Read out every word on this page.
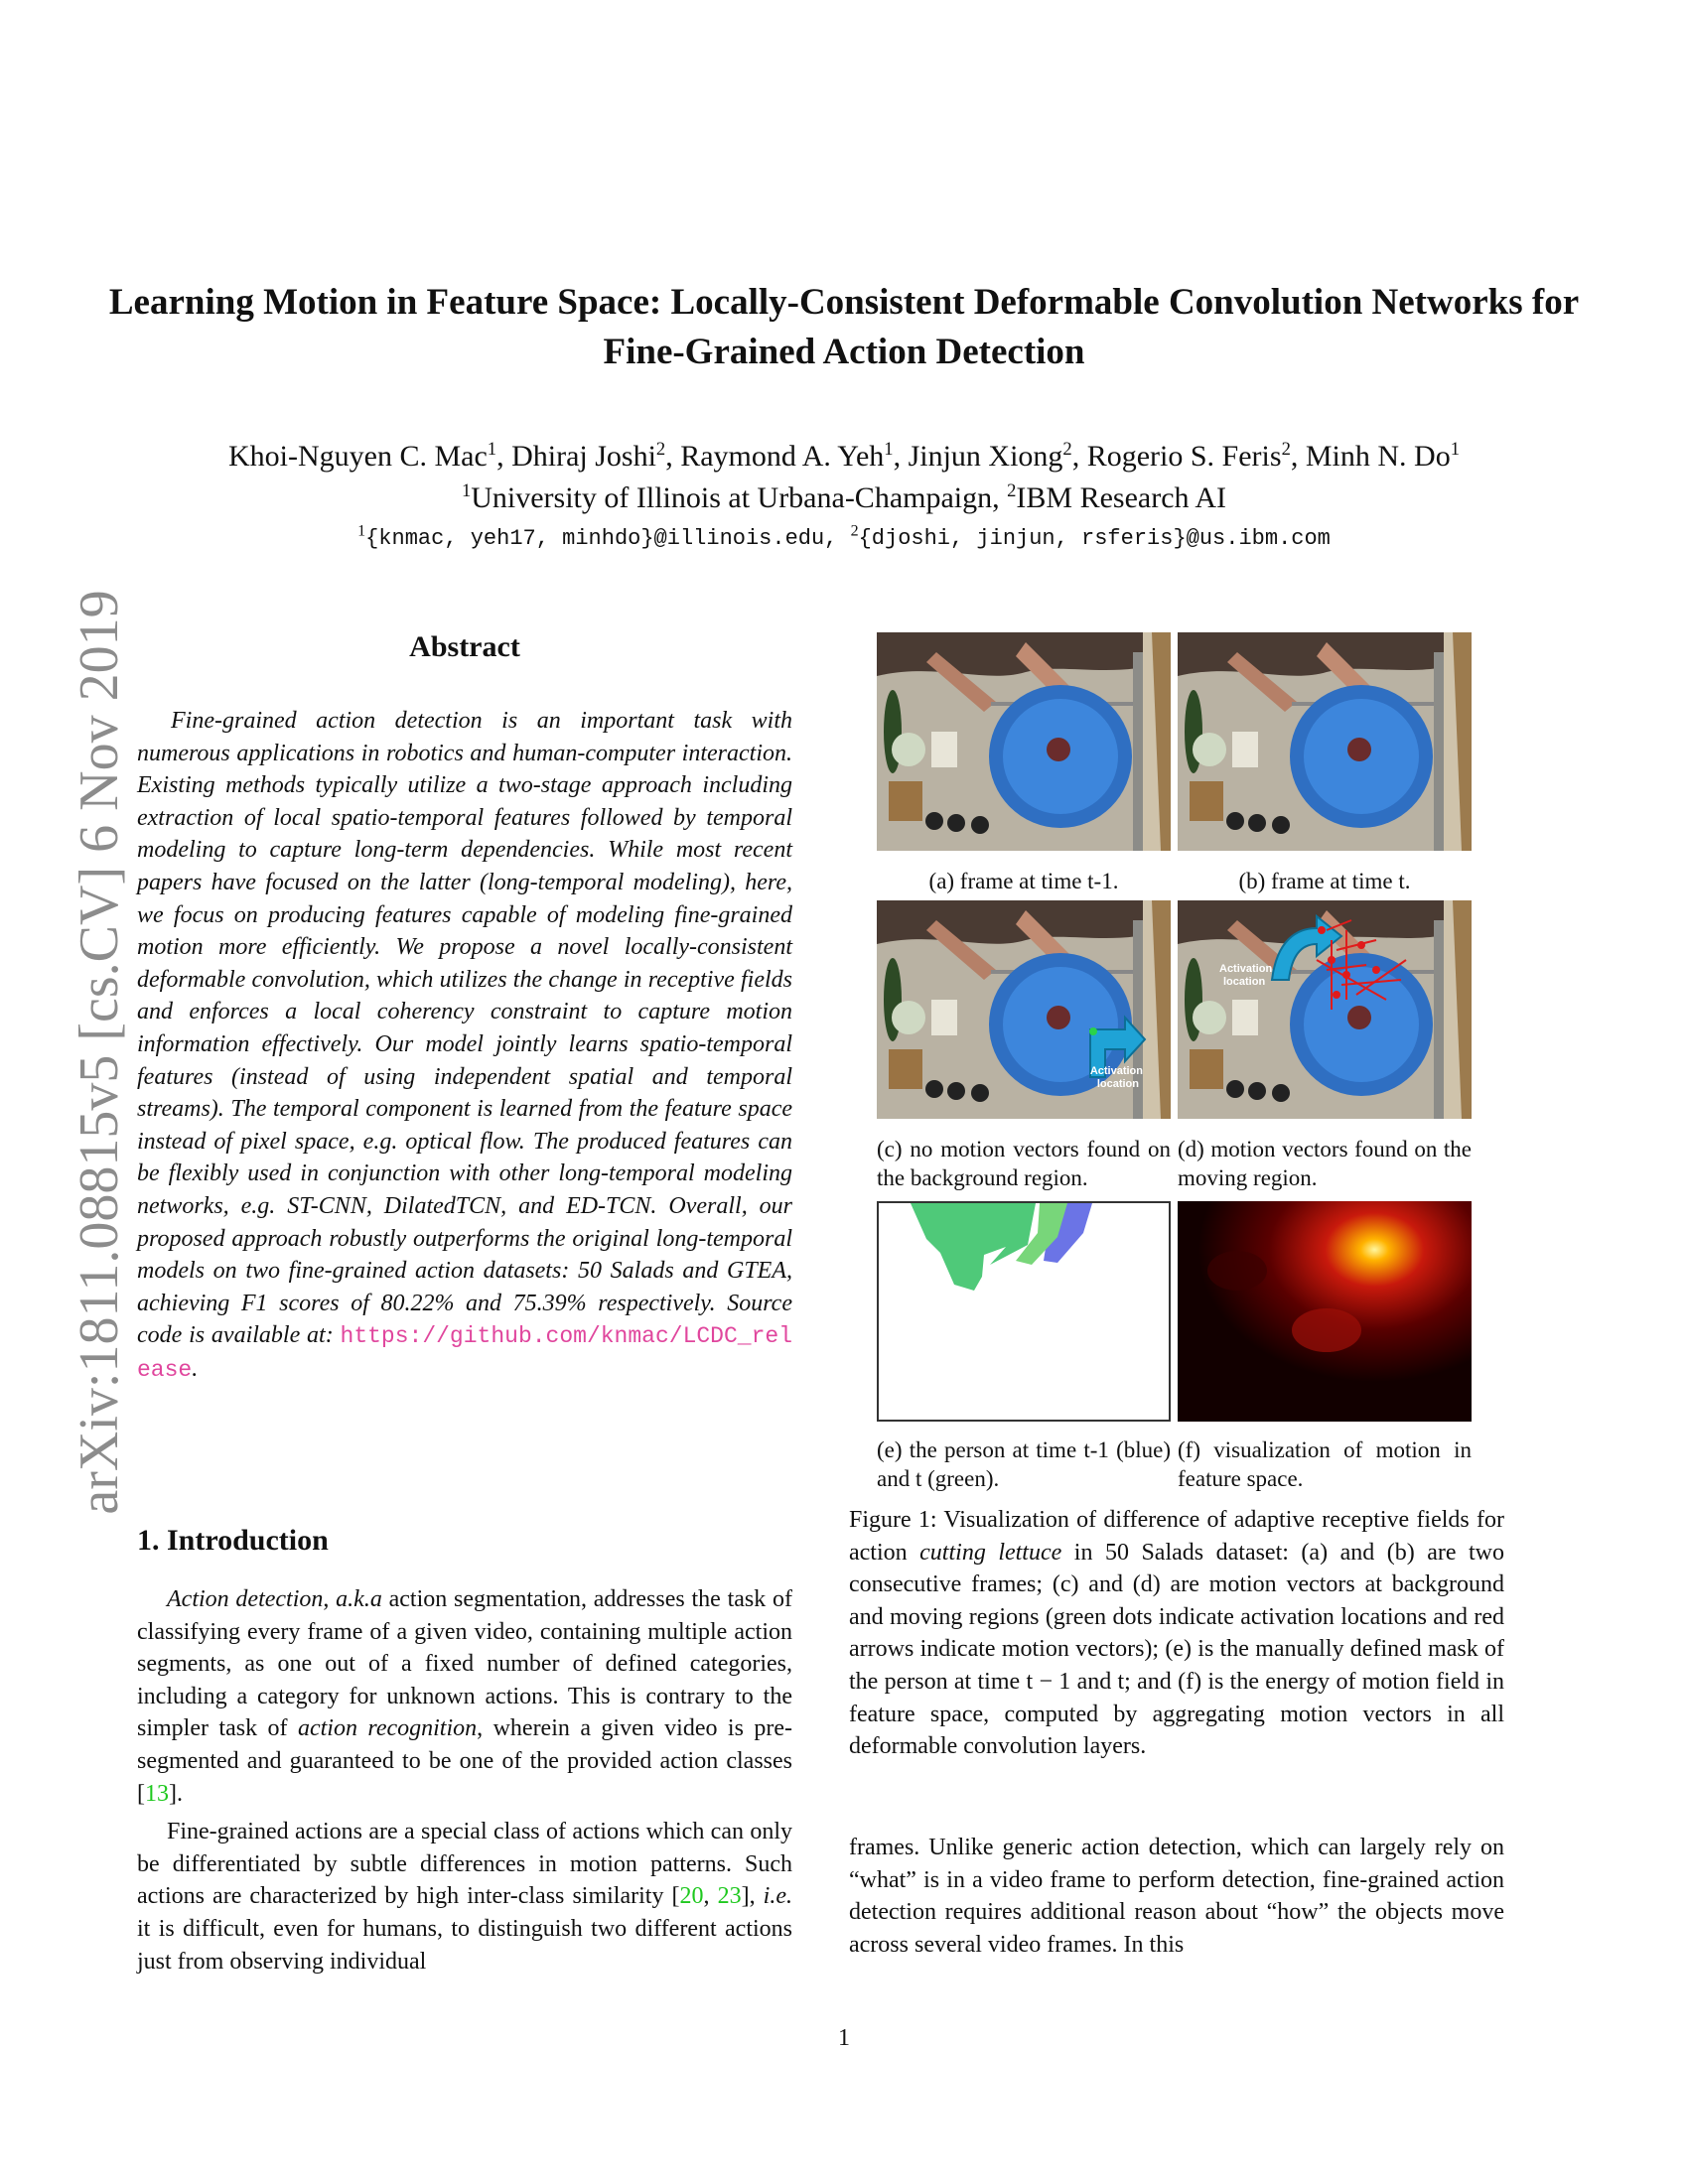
arXiv:1811.08815v5 [cs.CV] 6 Nov 2019
Learning Motion in Feature Space: Locally-Consistent Deformable Convolution Networks for Fine-Grained Action Detection
Khoi-Nguyen C. Mac$^1$, Dhiraj Joshi$^2$, Raymond A. Yeh$^1$, Jinjun Xiong$^2$, Rogerio S. Feris$^2$, Minh N. Do$^1$
$^1$University of Illinois at Urbana-Champaign, $^2$IBM Research AI
$^1${knmac, yeh17, minhdo}@illinois.edu, $^2${djoshi, jinjun, rsferis}@us.ibm.com
Abstract
Fine-grained action detection is an important task with numerous applications in robotics and human-computer interaction. Existing methods typically utilize a two-stage approach including extraction of local spatio-temporal features followed by temporal modeling to capture long-term dependencies. While most recent papers have focused on the latter (long-temporal modeling), here, we focus on producing features capable of modeling fine-grained motion more efficiently. We propose a novel locally-consistent deformable convolution, which utilizes the change in receptive fields and enforces a local coherency constraint to capture motion information effectively. Our model jointly learns spatio-temporal features (instead of using independent spatial and temporal streams). The temporal component is learned from the feature space instead of pixel space, e.g. optical flow. The produced features can be flexibly used in conjunction with other long-temporal modeling networks, e.g. ST-CNN, DilatedTCN, and ED-TCN. Overall, our proposed approach robustly outperforms the original long-temporal models on two fine-grained action datasets: 50 Salads and GTEA, achieving F1 scores of 80.22% and 75.39% respectively. Source code is available at: https://github.com/knmac/LCDC_release.
1. Introduction

Action detection, a.k.a action segmentation, addresses the task of classifying every frame of a given video, containing multiple action segments, as one out of a fixed number of defined categories, including a category for unknown actions. This is contrary to the simpler task of action recognition, wherein a given video is pre-segmented and guaranteed to be one of the provided action classes [13].

Fine-grained actions are a special class of actions which can only be differentiated by subtle differences in motion patterns. Such actions are characterized by high inter-class similarity [20, 23], i.e. it is difficult, even for humans, to distinguish two different actions just from observing individual

(a) frame at time t-1.	(b) frame at time t.
Activation
location
Activation
location
(c) no motion vectors found on the background region.
(d) motion vectors found on the moving region.
(e) the person at time t-1 (blue) and t (green).
(f) visualization of motion in feature space.
Figure 1: Visualization of difference of adaptive receptive fields for action cutting lettuce in 50 Salads dataset: (a) and (b) are two consecutive frames; (c) and (d) are motion vectors at background and moving regions (green dots indicate activation locations and red arrows indicate motion vectors); (e) is the manually defined mask of the person at time t − 1 and t; and (f) is the energy of motion field in feature space, computed by aggregating motion vectors in all deformable convolution layers.
frames. Unlike generic action detection, which can largely rely on “what” is in a video frame to perform detection, fine-grained action detection requires additional reason about “how” the objects move across several video frames. In this
1
